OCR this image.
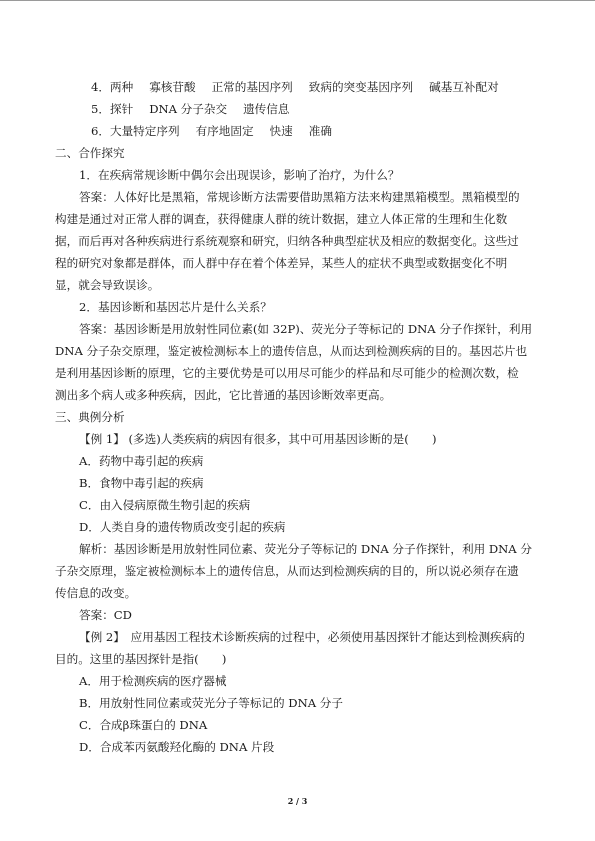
4．两种 寡核苷酸 正常的基因序列 致病的突变基因序列 碱基互补配对
5．探针 DNA 分子杂交 遗传信息
6．大量特定序列 有序地固定 快速 准确
二、合作探究
1．在疾病常规诊断中偶尔会出现误诊，影响了治疗，为什么？
答案：人体好比是黑箱，常规诊断方法需要借助黑箱方法来构建黑箱模型。黑箱模型的
构建是通过对正常人群的调查，获得健康人群的统计数据，建立人体正常的生理和生化数
据，而后再对各种疾病进行系统观察和研究，归纳各种典型症状及相应的数据变化。这些过
程的研究对象都是群体，而人群中存在着个体差异，某些人的症状不典型或数据变化不明
显，就会导致误诊。
2．基因诊断和基因芯片是什么关系？
答案：基因诊断是用放射性同位素(如 32P)、荧光分子等标记的 DNA 分子作探针，利用
DNA 分子杂交原理，鉴定被检测标本上的遗传信息，从而达到检测疾病的目的。基因芯片也
是利用基因诊断的原理，它的主要优势是可以用尽可能少的样品和尽可能少的检测次数，检
测出多个病人或多种疾病，因此，它比普通的基因诊断效率更高。
三、典例分析
【例 1】 (多选)人类疾病的病因有很多，其中可用基因诊断的是(　　)
A．药物中毒引起的疾病
B．食物中毒引起的疾病
C．由入侵病原微生物引起的疾病
D．人类自身的遗传物质改变引起的疾病
解析：基因诊断是用放射性同位素、荧光分子等标记的 DNA 分子作探针，利用 DNA 分
子杂交原理，鉴定被检测标本上的遗传信息，从而达到检测疾病的目的，所以说必须存在遗
传信息的改变。
答案：CD
【例 2】　应用基因工程技术诊断疾病的过程中，必须使用基因探针才能达到检测疾病的
目的。这里的基因探针是指(　　)
A．用于检测疾病的医疗器械
B．用放射性同位素或荧光分子等标记的 DNA 分子
C．合成β珠蛋白的 DNA
D．合成苯丙氨酸羟化酶的 DNA 片段
2 / 3
